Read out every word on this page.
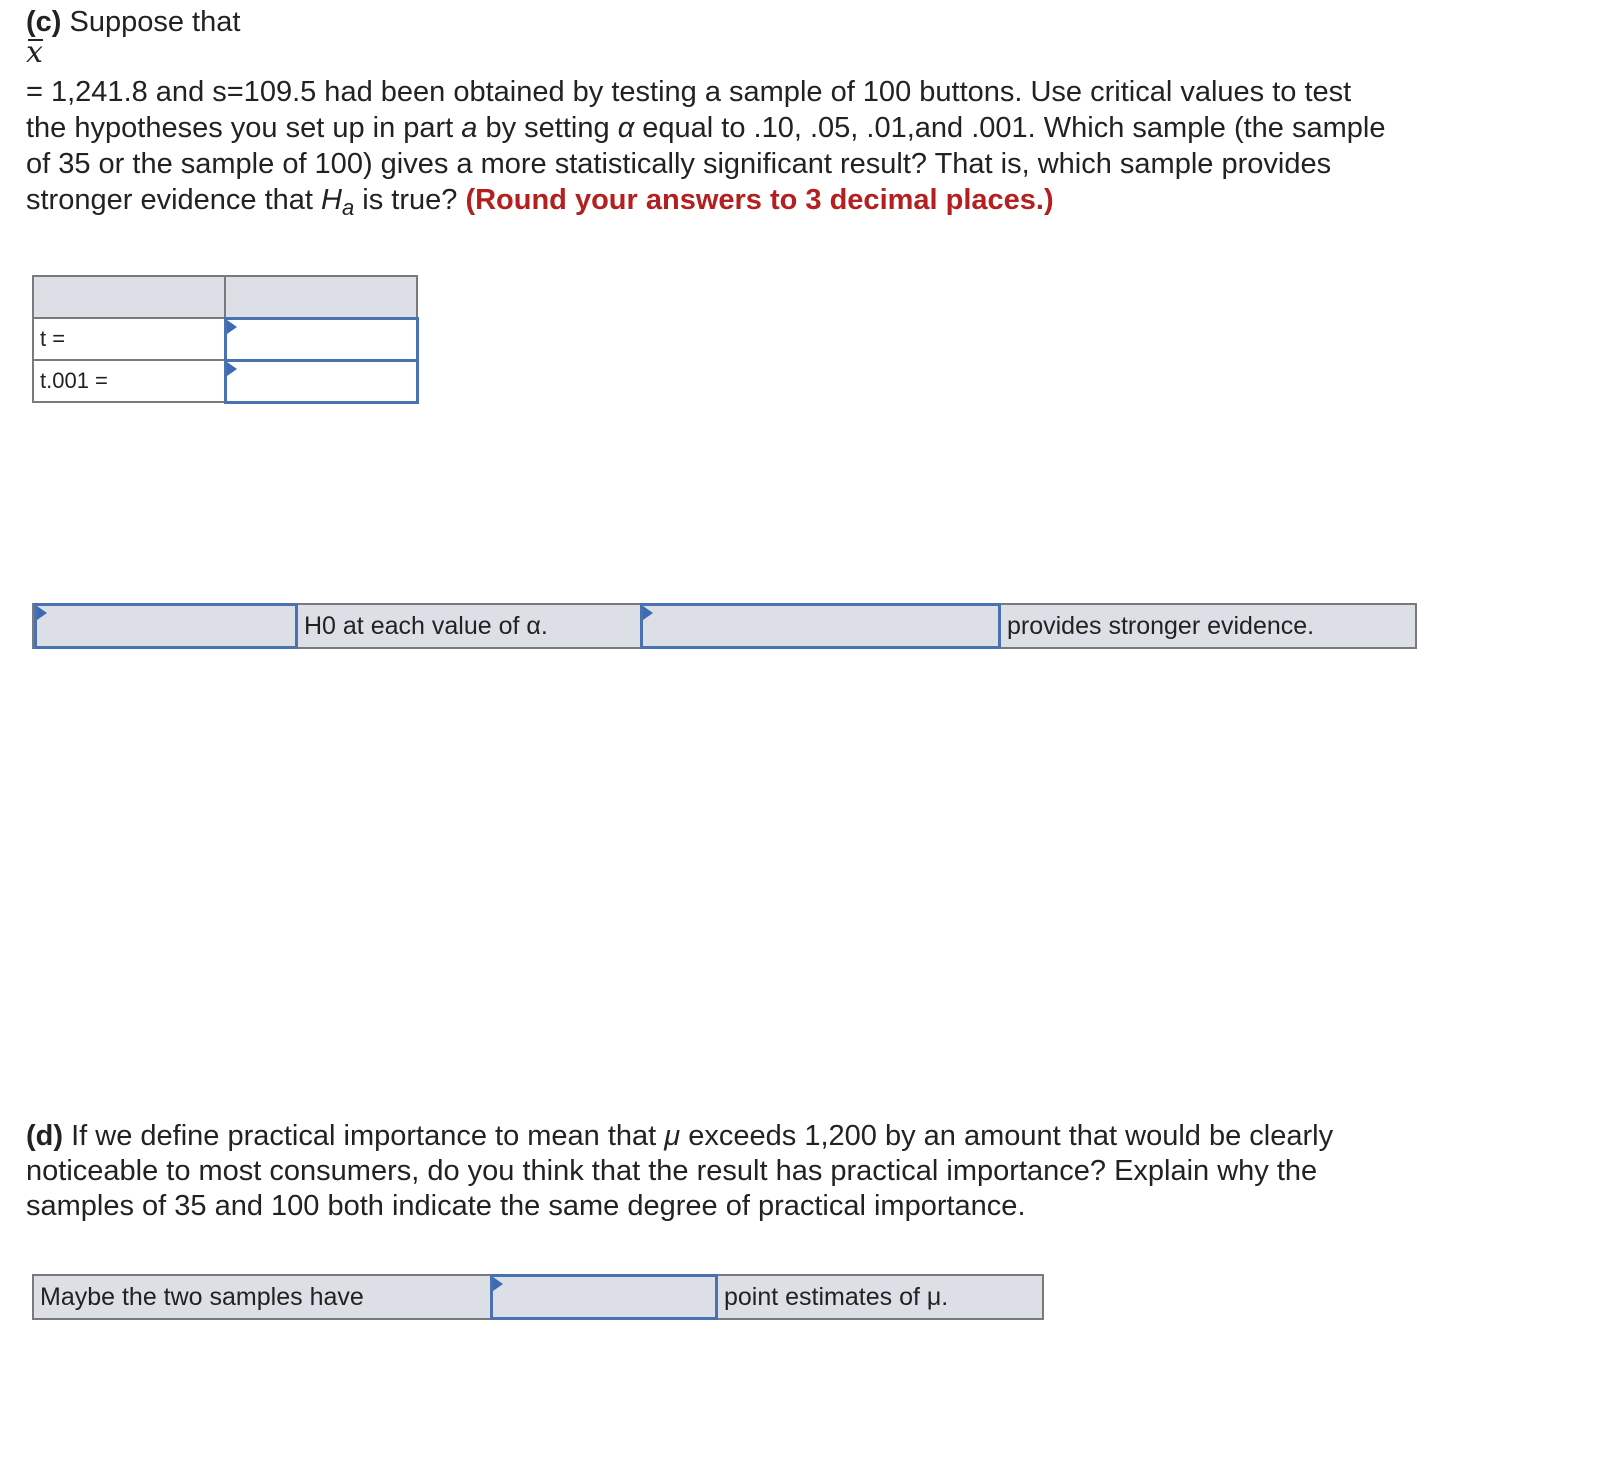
(c) Suppose that
x
= 1,241.8 and s=109.5 had been obtained by testing a sample of 100 buttons. Use critical values to test
the hypotheses you set up in part a by setting α equal to .10, .05, .01,and .001. Which sample (the sample
of 35 or the sample of 100) gives a more statistically significant result? That is, which sample provides
stronger evidence that $H_a$ is true? (Round your answers to 3 decimal places.)

t =	

t.001 =	
H0 at each value of α.	provides stronger evidence.
(d) If we define practical importance to mean that μ exceeds 1,200 by an amount that would be clearly
noticeable to most consumers, do you think that the result has practical importance? Explain why the
samples of 35 and 100 both indicate the same degree of practical importance.
Maybe the two samples have	point estimates of μ.
